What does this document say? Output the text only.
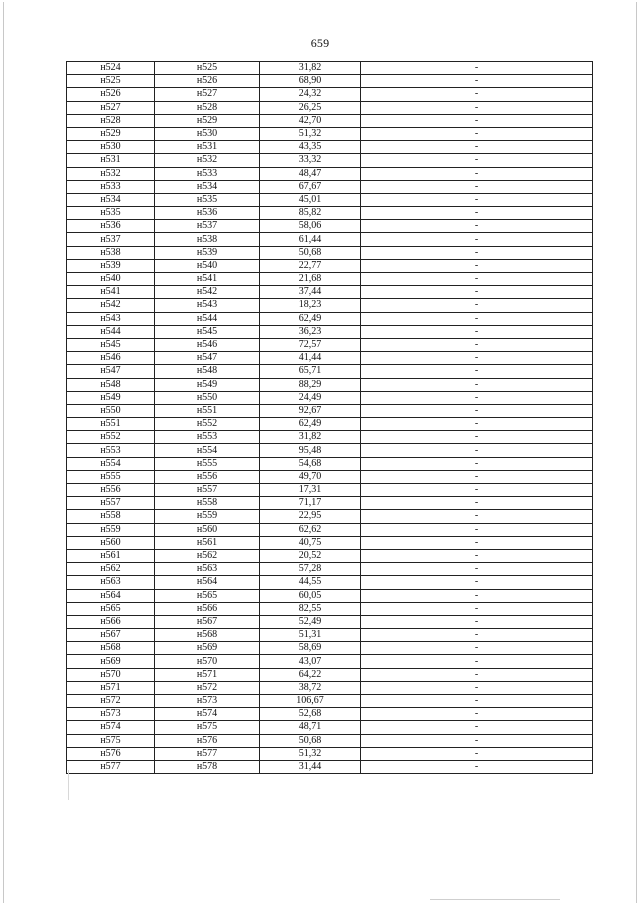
659
н524	н525	31,82	-
н525	н526	68,90	-
н526	н527	24,32	-
н527	н528	26,25	-
н528	н529	42,70	-
н529	н530	51,32	-
н530	н531	43,35	-
н531	н532	33,32	-
н532	н533	48,47	-
н533	н534	67,67	-
н534	н535	45,01	-
н535	н536	85,82	-
н536	н537	58,06	-
н537	н538	61,44	-
н538	н539	50,68	-
н539	н540	22,77	-
н540	н541	21,68	-
н541	н542	37,44	-
н542	н543	18,23	-
н543	н544	62,49	-
н544	н545	36,23	-
н545	н546	72,57	-
н546	н547	41,44	-
н547	н548	65,71	-
н548	н549	88,29	-
н549	н550	24,49	-
н550	н551	92,67	-
н551	н552	62,49	-
н552	н553	31,82	-
н553	н554	95,48	-
н554	н555	54,68	-
н555	н556	49,70	-
н556	н557	17,31	-
н557	н558	71,17	-
н558	н559	22,95	-
н559	н560	62,62	-
н560	н561	40,75	-
н561	н562	20,52	-
н562	н563	57,28	-
н563	н564	44,55	-
н564	н565	60,05	-
н565	н566	82,55	-
н566	н567	52,49	-
н567	н568	51,31	-
н568	н569	58,69	-
н569	н570	43,07	-
н570	н571	64,22	-
н571	н572	38,72	-
н572	н573	106,67	-
н573	н574	52,68	-
н574	н575	48,71	-
н575	н576	50,68	-
н576	н577	51,32	-
н577	н578	31,44	-
